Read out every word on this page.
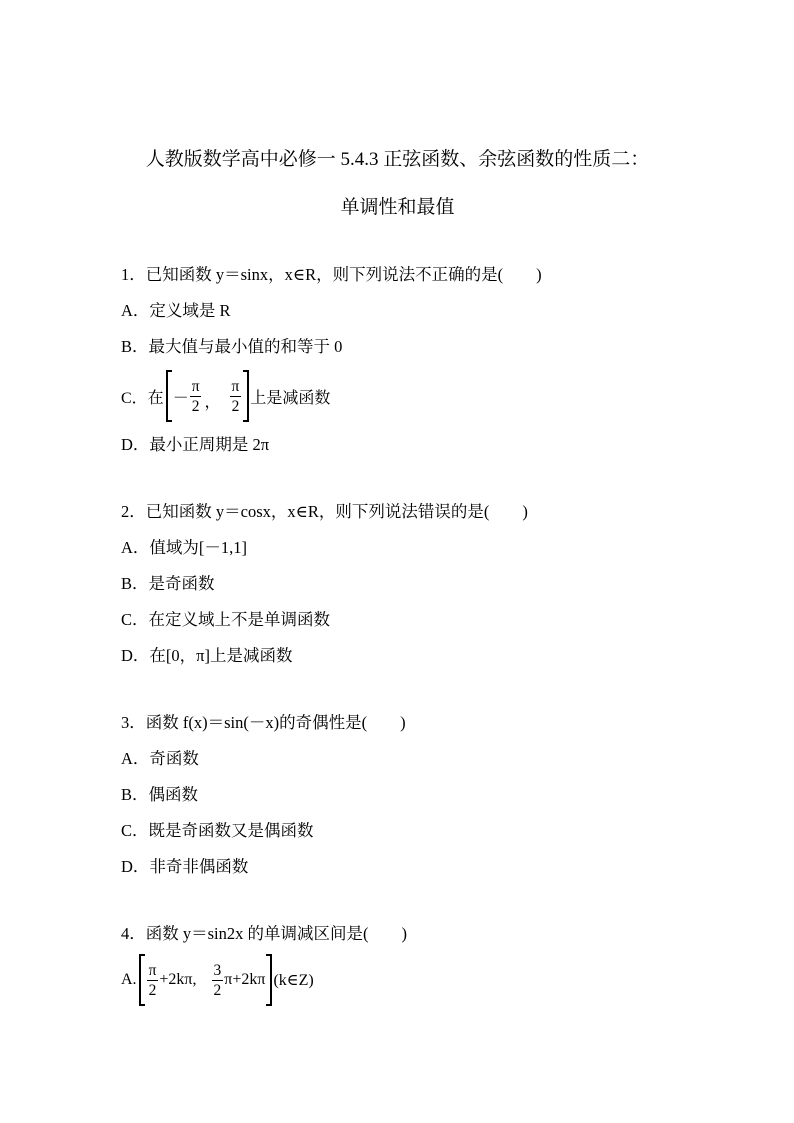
人教版数学高中必修一 5.4.3 正弦函数、余弦函数的性质二：
单调性和最值
1．已知函数 y＝sinx，x∈R，则下列说法不正确的是(　　)
A．定义域是 R
B．最大值与最小值的和等于 0
C．在 － $\frac{\pi}{2}$ ， $\frac{\pi}{2}$ 上是减函数
D．最小正周期是 2π
2．已知函数 y＝cosx，x∈R，则下列说法错误的是(　　)
A．值域为[－1,1]
B．是奇函数
C．在定义域上不是单调函数
D．在[0，π]上是减函数
3．函数 f(x)＝sin(－x)的奇偶性是(　　)
A．奇函数
B．偶函数
C．既是奇函数又是偶函数
D．非奇非偶函数
4．函数 y＝sin2x 的单调减区间是(　　)
A. $\frac{\pi}{2} +2k\pi$, $\frac{3}{2} \pi+2k\pi$ (k∈Z)
